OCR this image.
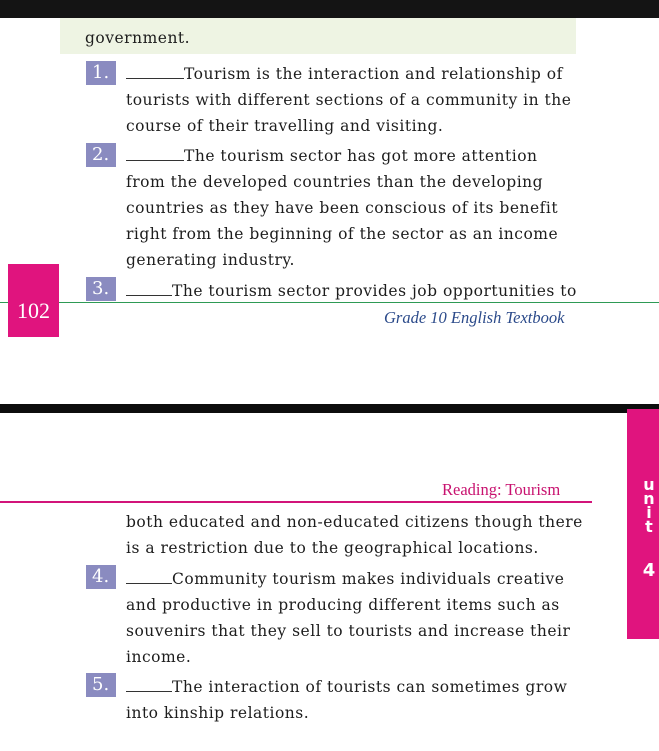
government.
1.	Tourism is the interaction and relationship of
tourists with different sections of a community in the
course of their travelling and visiting.
2.	The tourism sector has got more attention
from the developed countries than the developing
countries as they have been conscious of its benefit
right from the beginning of the sector as an income
generating industry.
3.	The tourism sector provides job opportunities to
102	Grade 10 English Textbook
u
n
i
t
4
Reading: Tourism
both educated and non-educated citizens though there
is a restriction due to the geographical locations.
4.	Community tourism makes individuals creative
and productive in producing different items such as
souvenirs that they sell to tourists and increase their
income.
5.	The interaction of tourists can sometimes grow
into kinship relations.
